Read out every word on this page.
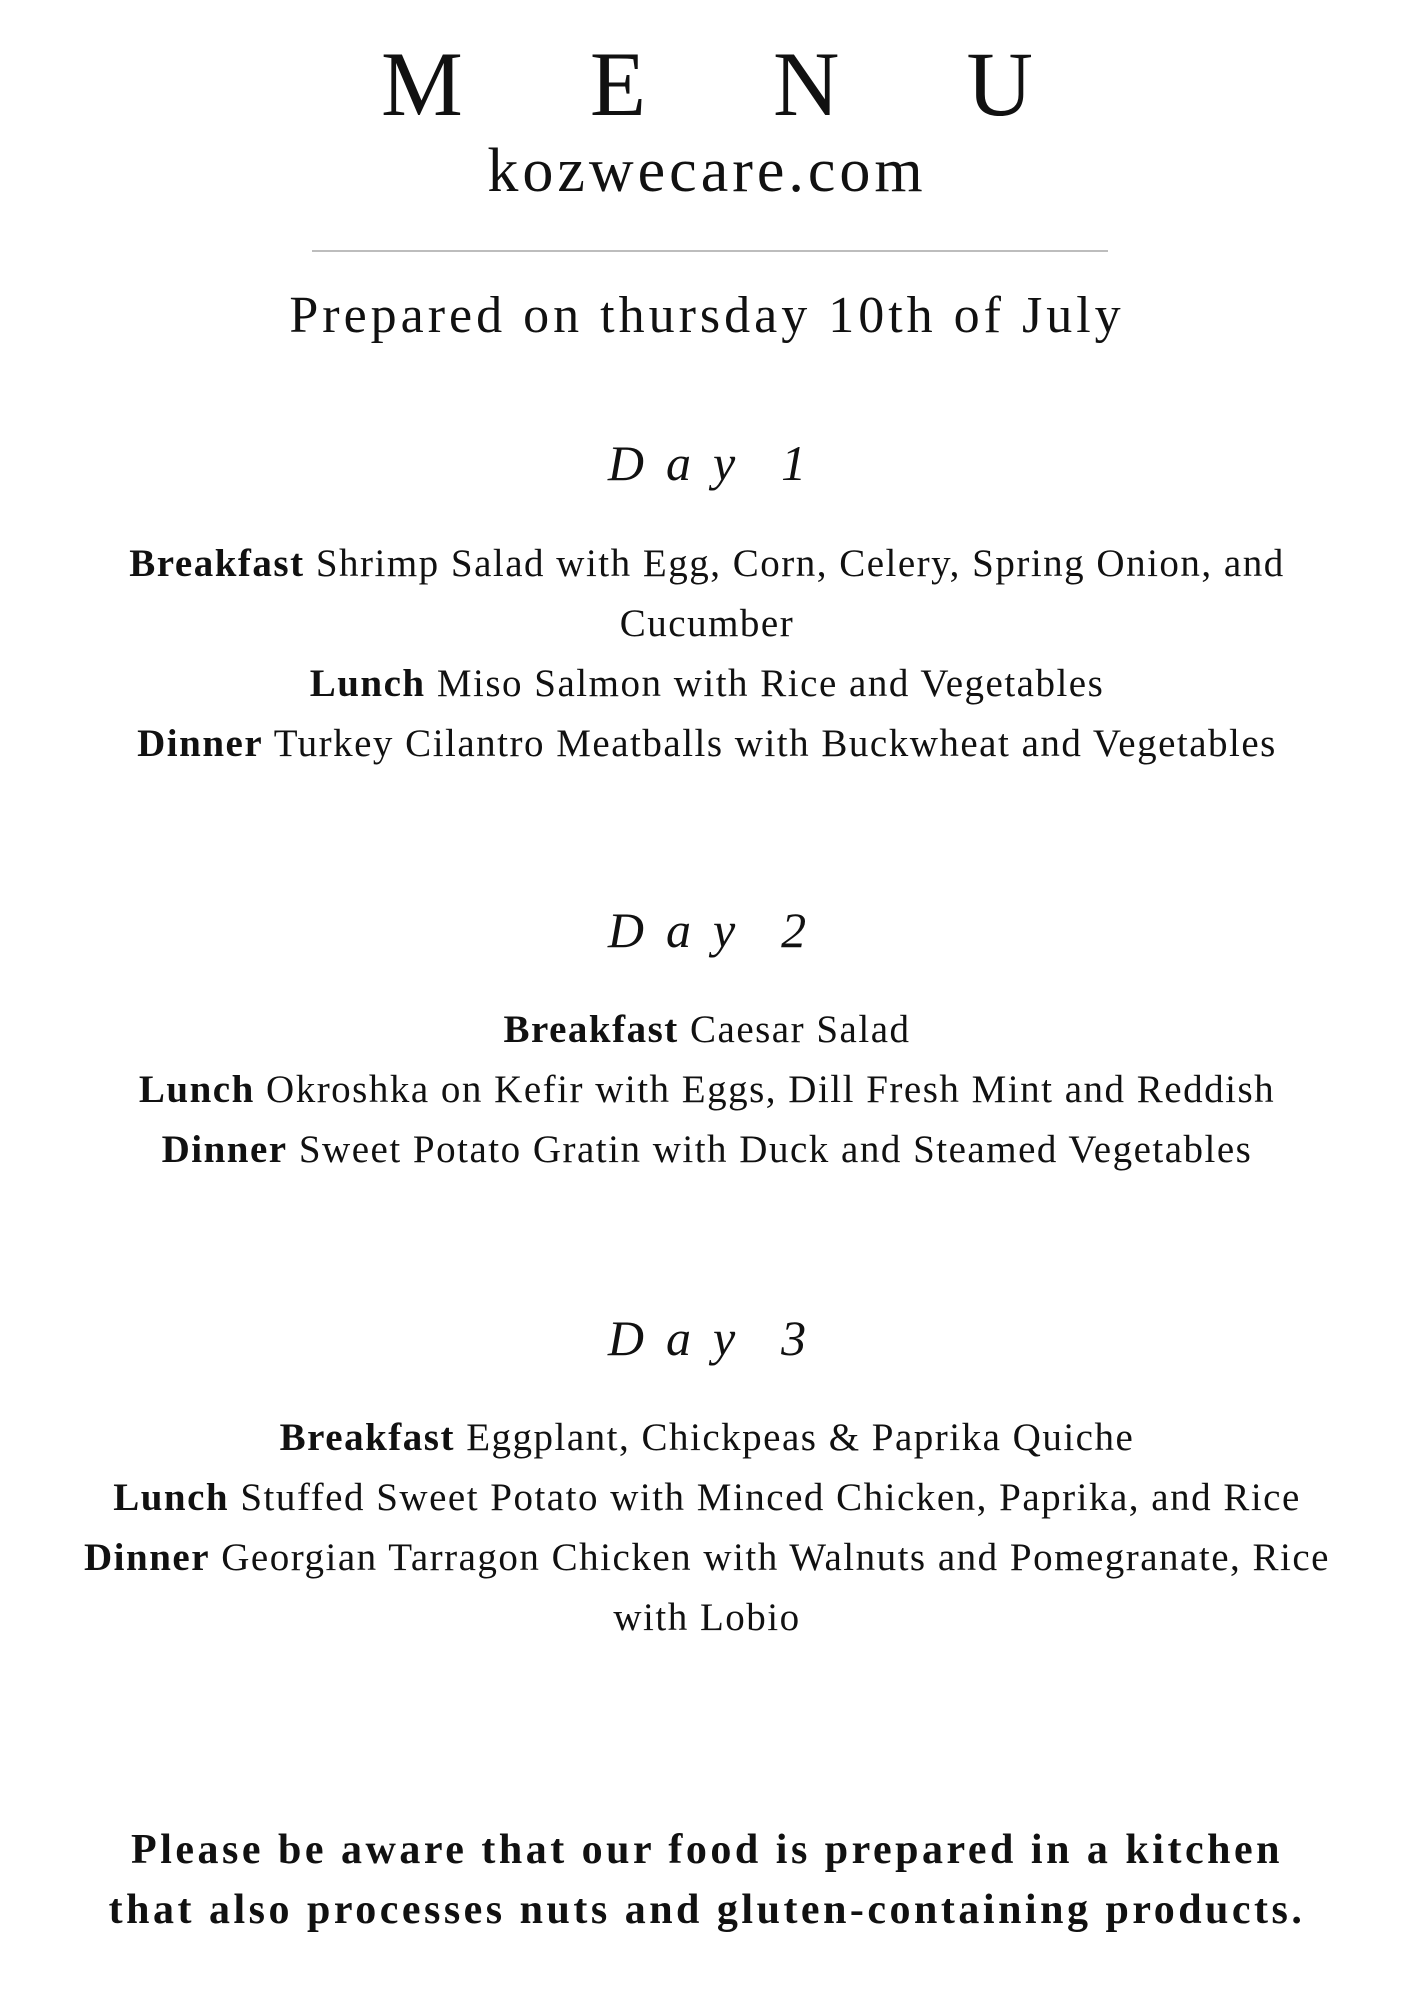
M E N U
kozwecare.com
Prepared on thursday 10th of July
Day 1
Breakfast Shrimp Salad with Egg, Corn, Celery, Spring Onion, and Cucumber
Lunch Miso Salmon with Rice and Vegetables
Dinner Turkey Cilantro Meatballs with Buckwheat and Vegetables
Day 2
Breakfast Caesar Salad
Lunch Okroshka on Kefir with Eggs, Dill Fresh Mint and Reddish
Dinner Sweet Potato Gratin with Duck and Steamed Vegetables
Day 3
Breakfast Eggplant, Chickpeas & Paprika Quiche
Lunch Stuffed Sweet Potato with Minced Chicken, Paprika, and Rice
Dinner Georgian Tarragon Chicken with Walnuts and Pomegranate, Rice with Lobio
Please be aware that our food is prepared in a kitchen
that also processes nuts and gluten-containing products.
